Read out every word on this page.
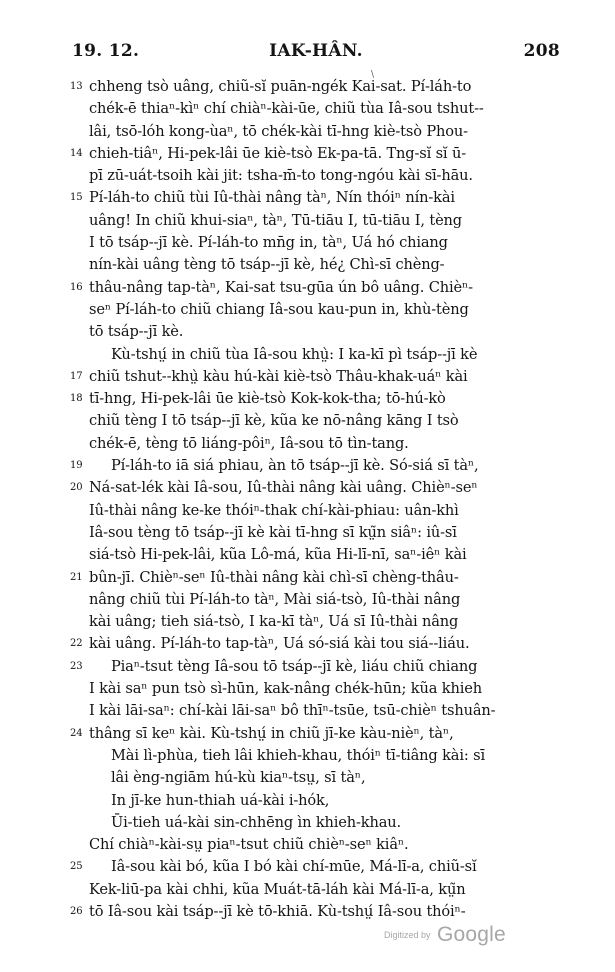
19. 12.	IAK-HÂN.	208
\
13 chheng tsò uâng, chiũ-sĭ puān-ngék Kai-sat. Pí-láh-to
chék-ē thiaⁿ-kìⁿ chí chiàⁿ-kài-ūe, chiũ tùa Iâ-sou tshut--
lâi, tsō-lóh kong-ùaⁿ, tō chék-kài tī-hng kiè-tsò Phou-
14 chieh-tiâⁿ, Hi-pek-lâi ūe kiè-tsò Ek-pa-tā. Tng-sĭ sĭ ū-
pī zū-uát-tsoih kài jit: tsha-m̄-to tong-ngóu kài sī-hāu.
15 Pí-láh-to chiũ tùi Iû-thài nâng tàⁿ, Nín thóiⁿ nín-kài
uâng! In chiũ khui-siaⁿ, tàⁿ, Tū-tiāu I, tū-tiāu I, tèng
I tō tsáp--jī kè. Pí-láh-to mn̄g in, tàⁿ, Uá hó chiang
nín-kài uâng tèng tō tsáp--jī kè, hé¿ Chì-sī chèng-
16 thâu-nâng tap-tàⁿ, Kai-sat tsu-gūa ún bô uâng. Chièⁿ-
seⁿ Pí-láh-to chiũ chiang Iâ-sou kau-pun in, khù-tèng
tō tsáp--jī kè.
Kù-tshṳ́ in chiũ tùa Iâ-sou khṳ̀: I ka-kī pì tsáp--jī kè
17 chiũ tshut--khṳ̀ kàu hú-kài kiè-tsò Thâu-khak-uáⁿ kài
18 tī-hng, Hi-pek-lâi ūe kiè-tsò Kok-kok-tha; tō-hú-kò
chiũ tèng I tō tsáp--jī kè, kũa ke nō-nâng kāng I tsò
chék-ē, tèng tō liáng-pôiⁿ, Iâ-sou tō tìn-tang.
19 Pí-láh-to iā siá phiau, àn tō tsáp--jī kè. Só-siá sī tàⁿ,
20 Ná-sat-lék kài Iâ-sou, Iû-thài nâng kài uâng. Chièⁿ-seⁿ
Iû-thài nâng ke-ke thóiⁿ-thak chí-kài-phiau: uân-khì
Iâ-sou tèng tō tsáp--jī kè kài tī-hng sī kṳ̃n siâⁿ: iû-sī
siá-tsò Hi-pek-lâi, kũa Lô-má, kũa Hi-lī-nī, saⁿ-iêⁿ kài
21 bûn-jī. Chièⁿ-seⁿ Iû-thài nâng kài chì-sī chèng-thâu-
nâng chiũ tùi Pí-láh-to tàⁿ, Mài siá-tsò, Iû-thài nâng
kài uâng; tieh siá-tsò, I ka-kī tàⁿ, Uá sī Iû-thài nâng
22 kài uâng. Pí-láh-to tap-tàⁿ, Uá só-siá kài tou siá--liáu.
23 Piaⁿ-tsut tèng Iâ-sou tō tsáp--jī kè, liáu chiũ chiang
I kài saⁿ pun tsò sì-hūn, kak-nâng chék-hūn; kũa khieh
I kài lāi-saⁿ: chí-kài lāi-saⁿ bô thīⁿ-tsūe, tsū-chièⁿ tshuân-
24 thâng sī keⁿ kài. Kù-tshṳ́ in chiũ jī-ke kàu-nièⁿ, tàⁿ,
Mài lì-phùa, tieh lâi khieh-khau, thóiⁿ tī-tiâng kài: sī
lâi èng-ngiām hú-kù kiaⁿ-tsṳ, sī tàⁿ,
In jī-ke hun-thiah uá-kài i-hók,
Ūi-tieh uá-kài sin-chhēng ìn khieh-khau.
Chí chiàⁿ-kài-sṳ piaⁿ-tsut chiũ chièⁿ-seⁿ kiâⁿ.
25 Iâ-sou kài bó, kũa I bó kài chí-mūe, Má-lī-a, chiũ-sĭ
Kek-liū-pa kài chhi, kũa Muát-tā-láh kài Má-lī-a, kṳ̃n
26 tō Iâ-sou kài tsáp--jī kè tō-khiā. Kù-tshṳ́ Iâ-sou thóiⁿ-
Digitized by Google
